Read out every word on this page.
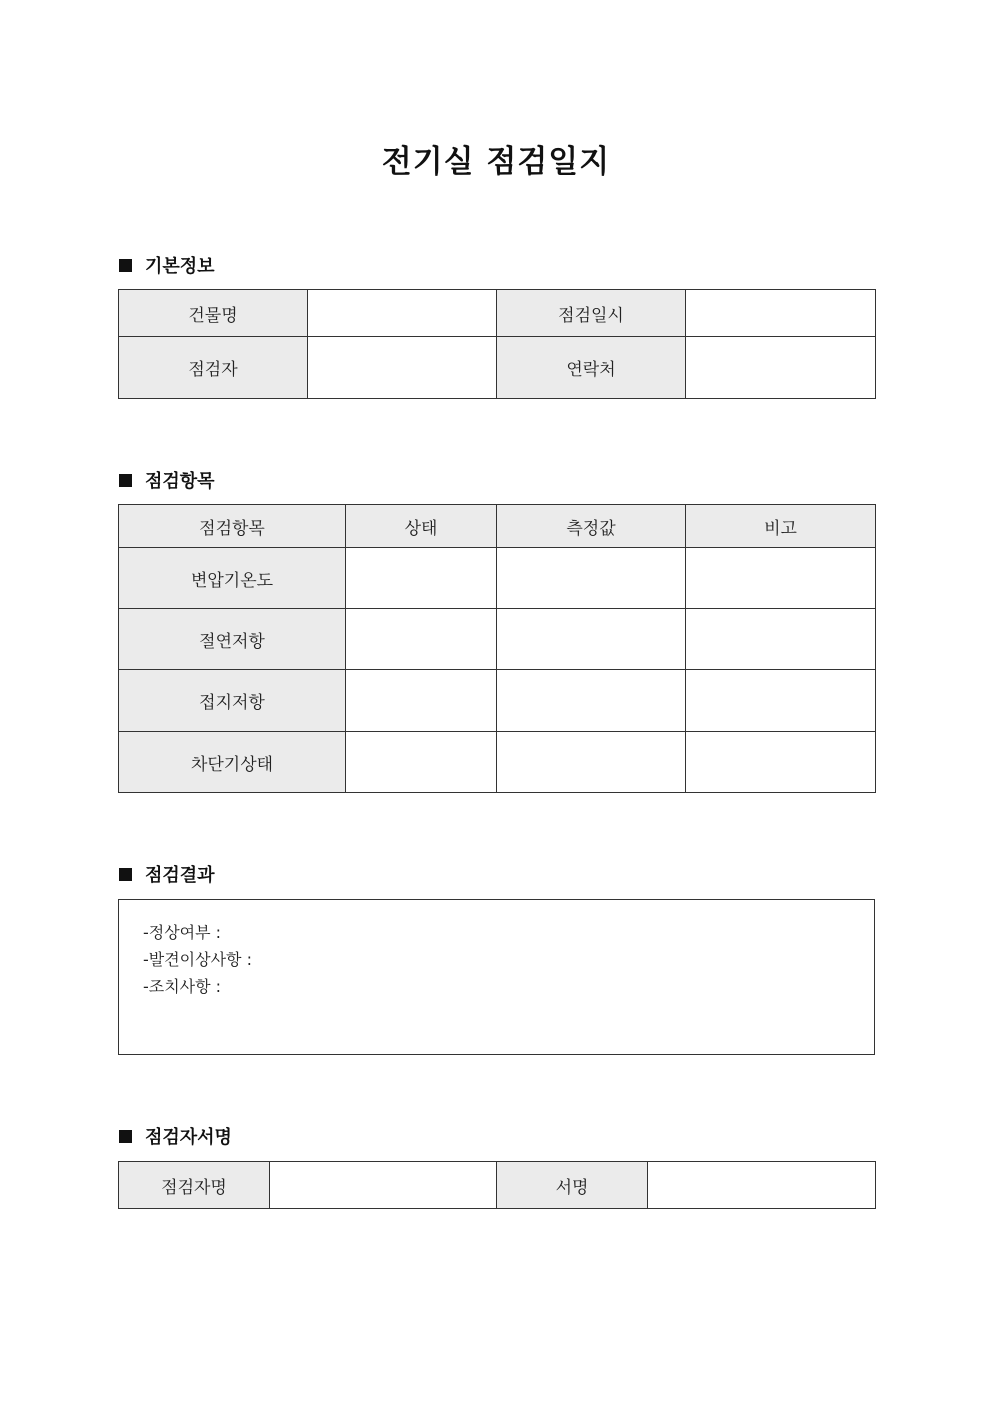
전기실 점검일지
기본정보
건물명		점검일시	
점검자		연락처	
점검항목
점검항목	상태	측정값	비고
변압기온도			
절연저항			
접지저항			
차단기상태			
점검결과
-정상여부 :
-발견이상사항 :
-조치사항 :
점검자서명
점검자명		서명	
